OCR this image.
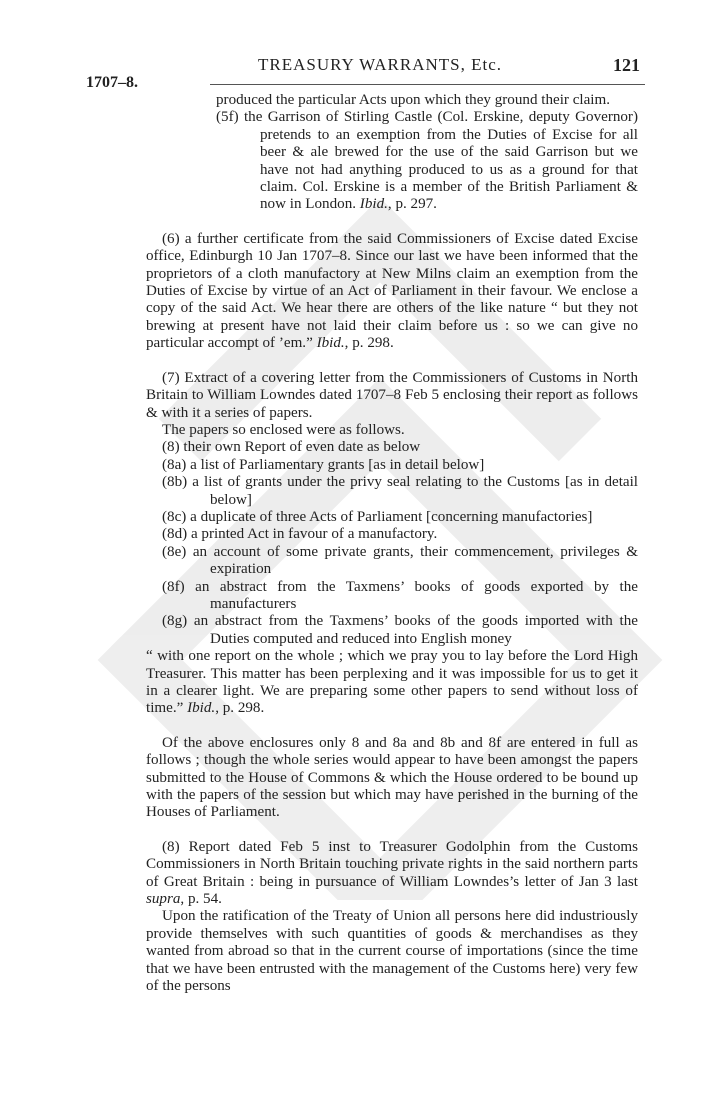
TREASURY WARRANTS, Etc.	121
1707–8.

produced the particular Acts upon which they ground their claim.

(5f) the Garrison of Stirling Castle (Col. Erskine, deputy Governor) pretends to an exemption from the Duties of Excise for all beer & ale brewed for the use of the said Garrison but we have not had anything produced to us as a ground for that claim. Col. Erskine is a member of the British Parliament & now in London. Ibid., p. 297.

(6) a further certificate from the said Commissioners of Excise dated Excise office, Edinburgh 10 Jan 1707–8. Since our last we have been informed that the proprietors of a cloth manufactory at New Milns claim an exemption from the Duties of Excise by virtue of an Act of Parliament in their favour. We enclose a copy of the said Act. We hear there are others of the like nature “ but they not brewing at present have not laid their claim before us : so we can give no particular accompt of ’em.” Ibid., p. 298.

(7) Extract of a covering letter from the Commissioners of Customs in North Britain to William Lowndes dated 1707–8 Feb 5 enclosing their report as follows & with it a series of papers.

The papers so enclosed were as follows.

(8) their own Report of even date as below

(8a) a list of Parliamentary grants [as in detail below]

(8b) a list of grants under the privy seal relating to the Customs [as in detail below]

(8c) a duplicate of three Acts of Parliament [concerning manufactories]

(8d) a printed Act in favour of a manufactory.

(8e) an account of some private grants, their commencement, privileges & expiration

(8f) an abstract from the Taxmens’ books of goods exported by the manufacturers

(8g) an abstract from the Taxmens’ books of the goods imported with the Duties computed and reduced into English money

“ with one report on the whole ; which we pray you to lay before the Lord High Treasurer. This matter has been perplexing and it was impossible for us to get it in a clearer light. We are preparing some other papers to send without loss of time.” Ibid., p. 298.

Of the above enclosures only 8 and 8a and 8b and 8f are entered in full as follows ; though the whole series would appear to have been amongst the papers submitted to the House of Commons & which the House ordered to be bound up with the papers of the session but which may have perished in the burning of the Houses of Parliament.

(8) Report dated Feb 5 inst to Treasurer Godolphin from the Customs Commissioners in North Britain touching private rights in the said northern parts of Great Britain : being in pursuance of William Lowndes’s letter of Jan 3 last supra, p. 54.

Upon the ratification of the Treaty of Union all persons here did industriously provide themselves with such quantities of goods & merchandises as they wanted from abroad so that in the current course of importations (since the time that we have been entrusted with the management of the Customs here) very few of the persons
